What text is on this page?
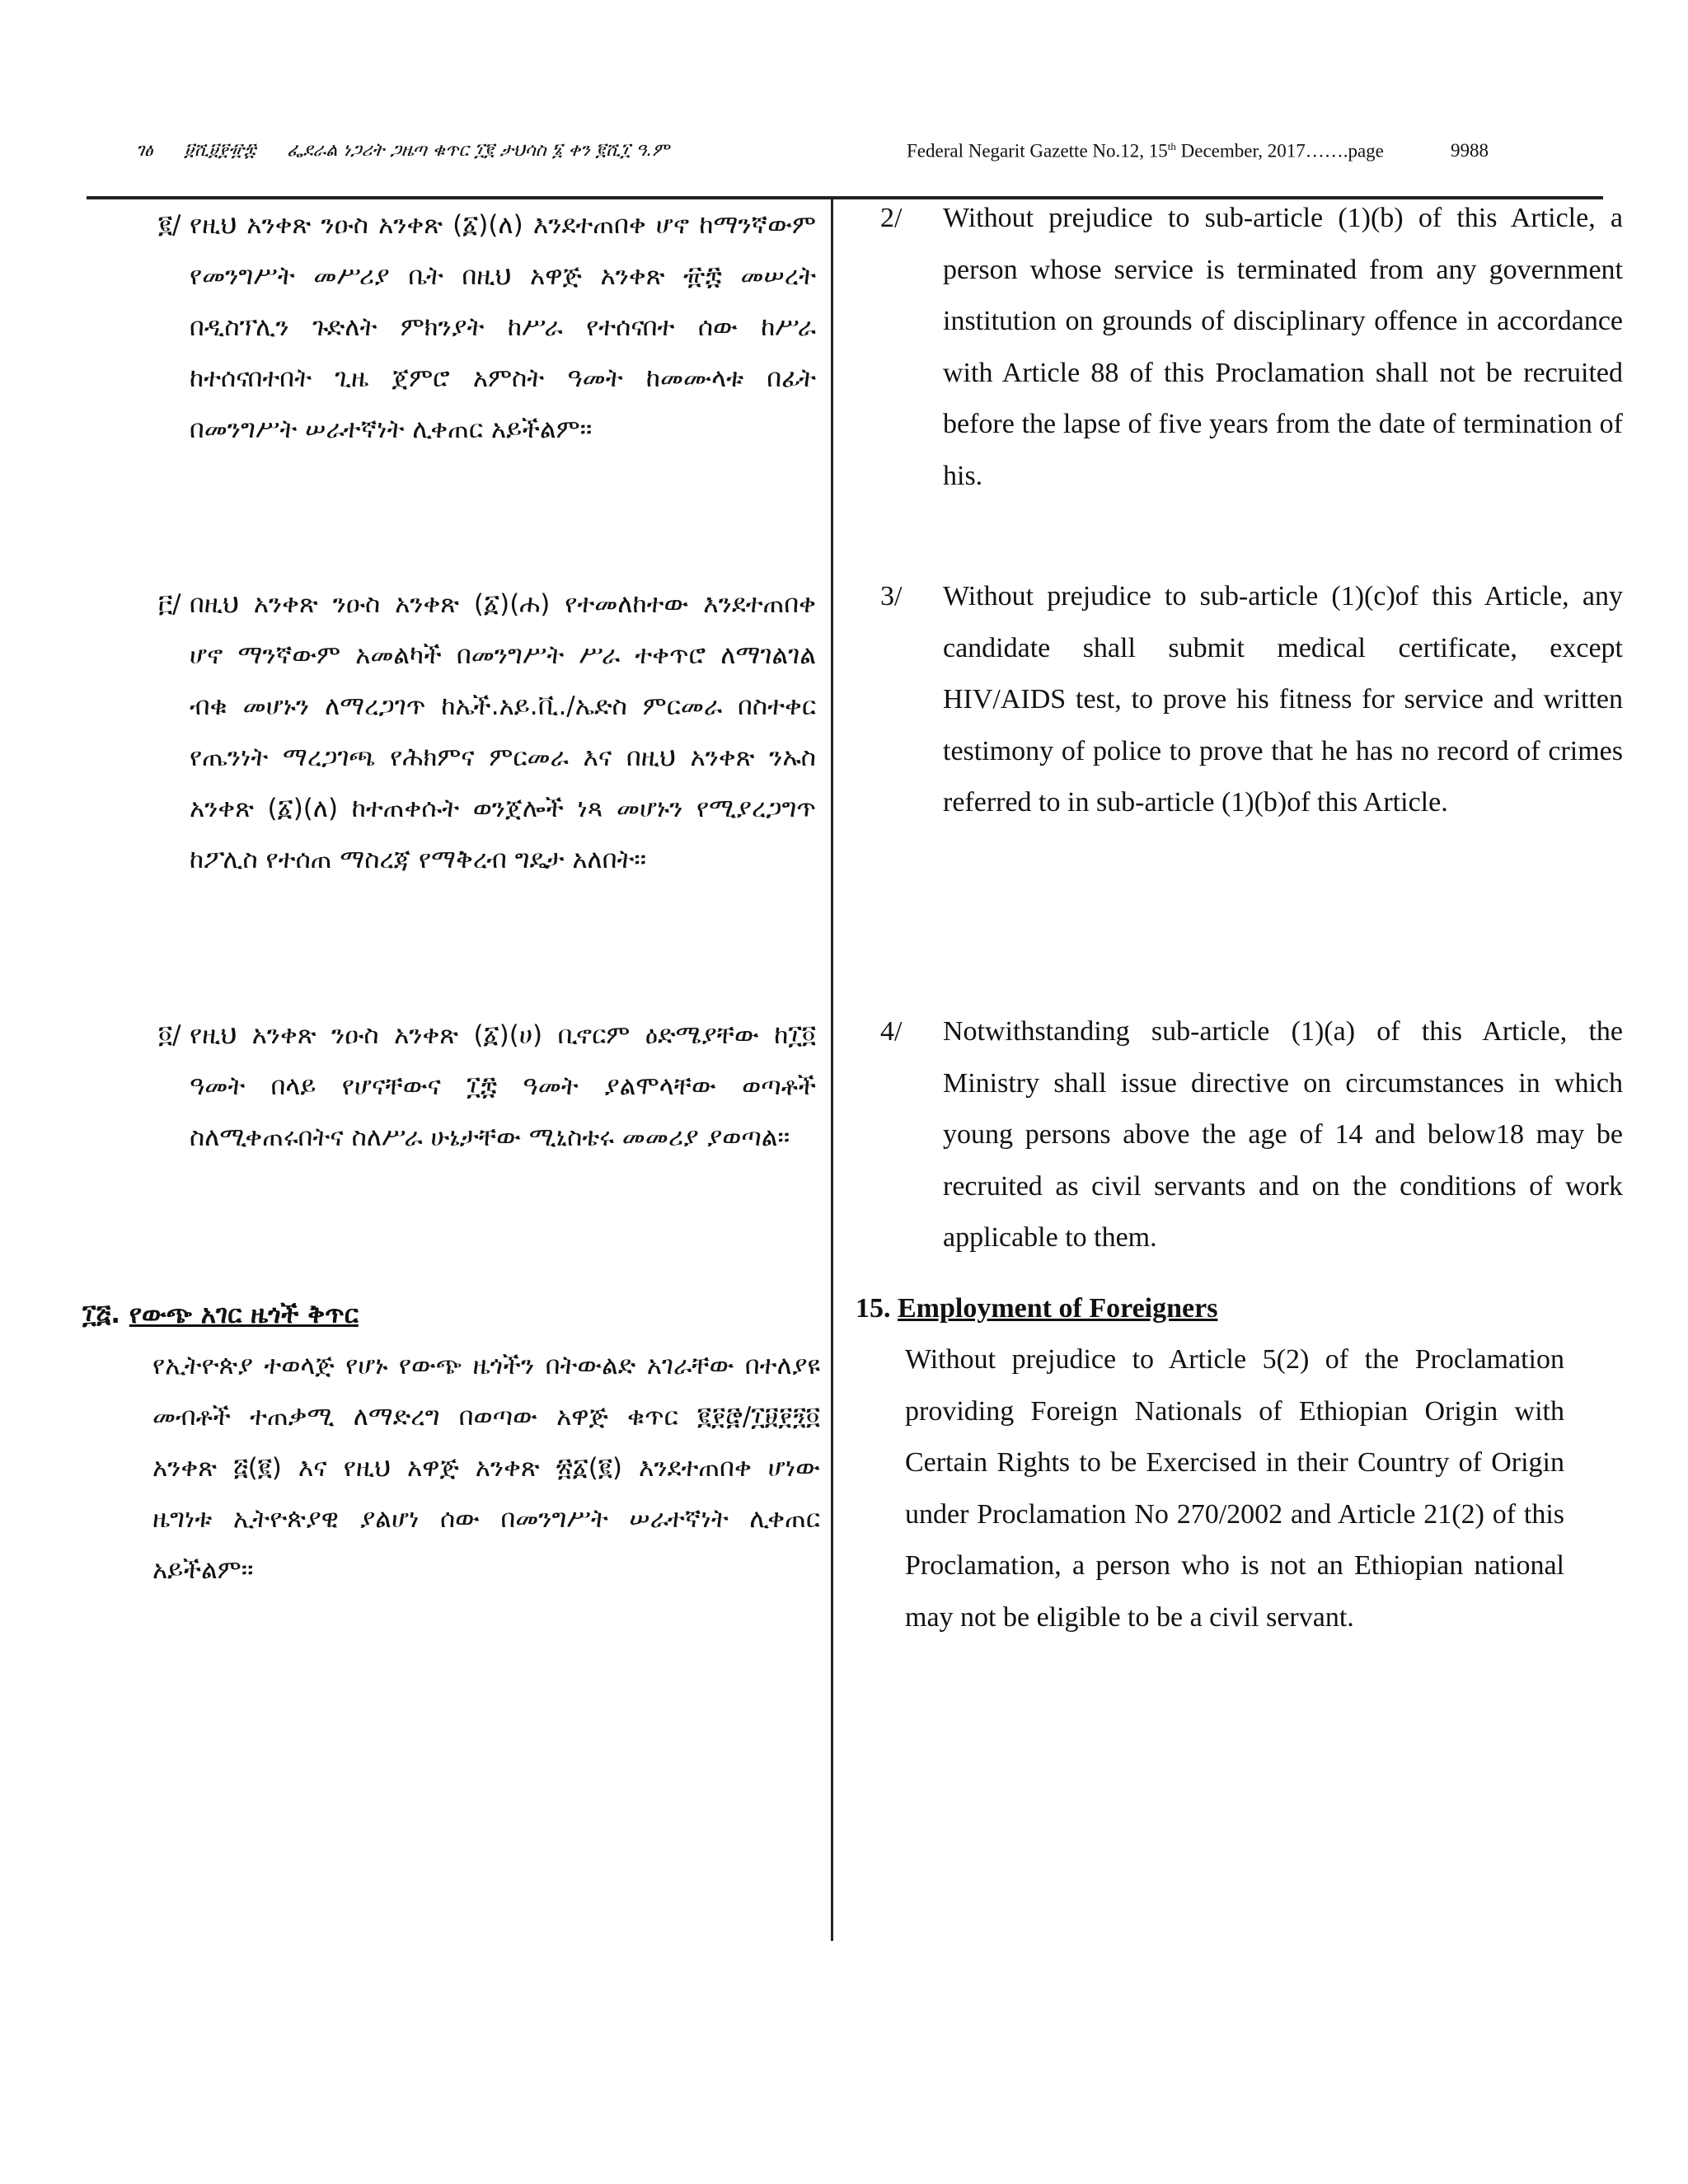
ገፅ ፱ሺ፱፻፹፰ ፌደራል ነጋሪት ጋዜጣ ቁጥር ፲፪ ታህሳስ ፮ ቀን ፪ሺ፲ ዓ.ም	Federal Negarit Gazette No.12, 15th December, 2017…….page	9988
፪/ የዚህ አንቀጽ ንዑስ አንቀጽ (፩)(ለ) እንደተጠበቀ ሆኖ ከማንኛውም የመንግሥት መሥሪያ ቤት በዚህ አዋጅ አንቀጽ ፹፰ መሠረት በዲስፕሊን ጉድለት ምክንያት ከሥራ የተሰናበተ ሰው ከሥራ ከተሰናበተበት ጊዜ ጀምሮ አምስት ዓመት ከመሙላቱ በፊት በመንግሥት ሠራተኛነት ሊቀጠር አይችልም፡፡
፫/ በዚህ አንቀጽ ንዑስ አንቀጽ (፩)(ሐ) የተመለከተው እንደተጠበቀ ሆኖ ማንኛውም አመልካች በመንግሥት ሥራ ተቀጥሮ ለማገልገል ብቁ መሆኑን ለማረጋገጥ ከኤች.አይ.ቪ./ኤድስ ምርመራ በስተቀር የጤንነት ማረጋገጫ የሕክምና ምርመራ እና በዚህ አንቀጽ ንኡስ አንቀጽ (፩)(ለ) ከተጠቀሱት ወንጀሎች ነጻ መሆኑን የሚያረጋግጥ ከፖሊስ የተሰጠ ማስረጃ የማቅረብ ግዴታ አለበት፡፡
፬/ የዚህ አንቀጽ ንዑስ አንቀጽ (፩)(ሀ) ቢኖርም ዕድሜያቸው ከ፲፬ ዓመት በላይ የሆናቸውና ፲፰ ዓመት ያልሞላቸው ወጣቶች ስለሚቀጠሩበትና ስለሥራ ሁኔታቸው ሚኒስቴሩ መመሪያ ያወጣል፡፡
፲፭. የውጭ አገር ዜጎች ቅጥር
የኢትዮጵያ ተወላጅ የሆኑ የውጭ ዜጎችን በትውልድ አገራቸው በተለያዩ መብቶች ተጠቃሚ ለማድረግ በወጣው አዋጅ ቁጥር ፪፻፸/፲፱፻፺፬ አንቀጽ ፭(፪) እና የዚህ አዋጅ አንቀጽ ፳፩(፪) እንደተጠበቀ ሆነው ዜግነቱ ኢትዮጵያዊ ያልሆነ ሰው በመንግሥት ሠራተኛነት ሊቀጠር አይችልም፡፡
2/ Without prejudice to sub-article (1)(b) of this Article, a person whose service is terminated from any government institution on grounds of disciplinary offence in accordance with Article 88 of this Proclamation shall not be recruited before the lapse of five years from the date of termination of his.
3/ Without prejudice to sub-article (1)(c)of this Article, any candidate shall submit medical certificate, except HIV/AIDS test, to prove his fitness for service and written testimony of police to prove that he has no record of crimes referred to in sub-article (1)(b)of this Article.
4/ Notwithstanding sub-article (1)(a) of this Article, the Ministry shall issue directive on circumstances in which young persons above the age of 14 and below18 may be recruited as civil servants and on the conditions of work applicable to them.
15. Employment of Foreigners
Without prejudice to Article 5(2) of the Proclamation providing Foreign Nationals of Ethiopian Origin with Certain Rights to be Exercised in their Country of Origin under Proclamation No 270/2002 and Article 21(2) of this Proclamation, a person who is not an Ethiopian national may not be eligible to be a civil servant.
